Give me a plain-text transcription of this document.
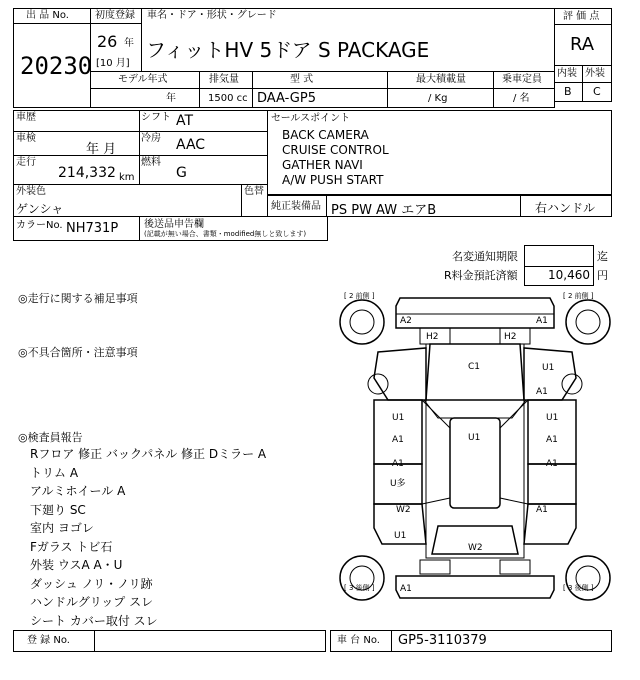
出 品 No.
20230
初度登録
26 年
[10 月]
車名・ドア・形状・グレード
フィットHV 5ドア S PACKAGE
評 価 点
RA
内装 外装
B C
モデル年式	排気量	型 式	最大積載量	乗車定員
年	1500 cc DAA-GP5	/ Kg	/ 名
車歴	シフト AT
車検
年 月
冷房 AAC
走行
214,332 km
燃料
G
外装色
ゲンシャ
色替
セールスポイント
BACK CAMERA
CRUISE CONTROL
GATHER NAVI
A/W PUSH START
純正装備品 PS PW AW エアB	右ハンドル
カラーNo. NH731P	後送品申告欄
(記載が無い場合、書類・modified無しと致します)
名変通知期限	迄
R料金預託済額	10,460 円
◎走行に関する補足事項
◎不具合箇所・注意事項
◎検査員報告
Rフロア 修正 バックパネル 修正 Dミラー A
トリム A
アルミホイール A
下廻り SC
室内 ヨゴレ
Fガラス トビ石
外装 ウスA A・U
ダッシュ ノリ・ノリ跡
ハンドルグリップ スレ
シート カバー取付 スレ
[ 2 前側 ]	[ 2 前側 ]
[ 3 後側 ]	[ 3 後側 ]
A2	A1
H2	H2
C1	U1
A1
U1
A1	U1
U1
A1
A1	A1
U多
W2
U1
A1
W2
A1
登 録 No.	車 台 No. GP5-3110379
